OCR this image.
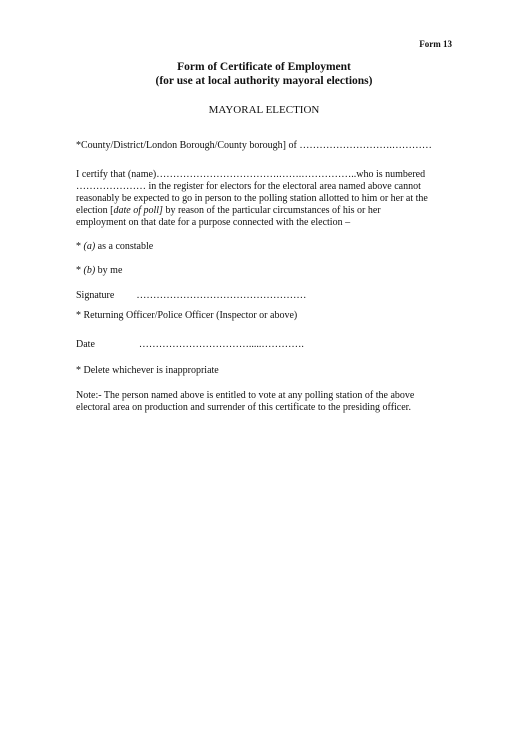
Form 13
Form of Certificate of Employment
(for use at local authority mayoral elections)
MAYORAL ELECTION
*County/District/London Borough/County borough] of ……………………….…………
I certify that (name)……………………………….…….……………..who is numbered
………………… in the register for electors for the electoral area named above cannot
reasonably be expected to go in person to the polling station allotted to him or her at the
election [date of poll] by reason of the particular circumstances of his or her
employment on that date for a purpose connected with the election –
* (a) as a constable
* (b) by me
Signature ……………………………………………
* Returning Officer/Police Officer (Inspector or above)
Date	…………………………….....………….
* Delete whichever is inappropriate
Note:- The person named above is entitled to vote at any polling station of the above
electoral area on production and surrender of this certificate to the presiding officer.
